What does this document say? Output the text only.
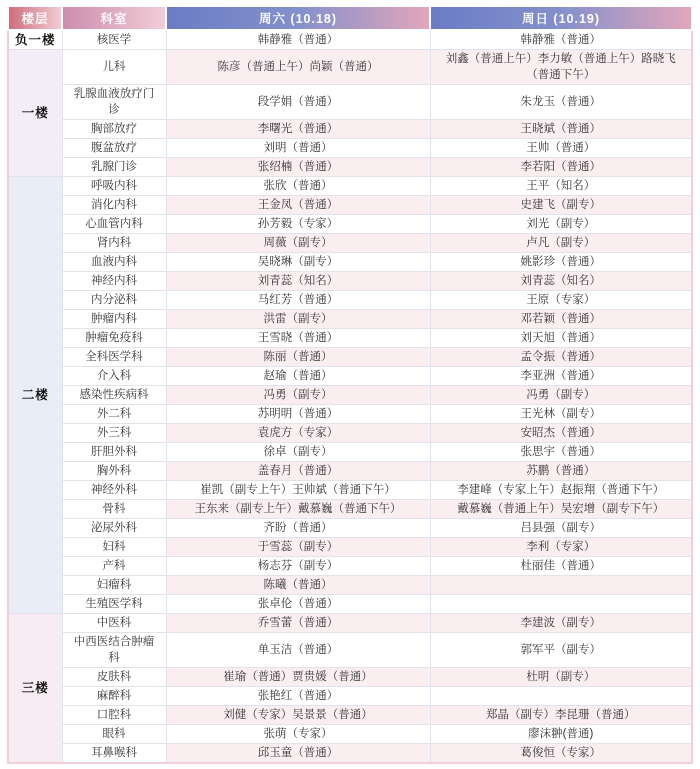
楼层	科室	周六 (10.18)	周日 (10.19)
负一楼	核医学	韩静雅（普通）	韩静雅（普通）
一楼	儿科	陈彦（普通上午）尚颖（普通）	刘鑫（普通上午）李力敏（普通上午）路晓飞（普通下午）
	乳腺血液放疗门诊	段学娟（普通）	朱龙玉（普通）
	胸部放疗	李曙光（普通）	王晓斌（普通）
	腹盆放疗	刘明（普通）	王帅（普通）
	乳腺门诊	张绍楠（普通）	李若阳（普通）
二楼	呼吸内科	张欣（普通）	王平（知名）
	消化内科	王金凤（普通）	史建飞（副专）
	心血管内科	孙芳毅（专家）	刘光（副专）
	肾内科	周薇（副专）	卢凡（副专）
	血液内科	吴晓琳（副专）	姚影珍（普通）
	神经内科	刘青蕊（知名）	刘青蕊（知名）
	内分泌科	马红芳（普通）	王原（专家）
	肿瘤内科	洪雷（副专）	邓若颖（普通）
	肿瘤免疫科	王雪晓（普通）	刘天旭（普通）
	全科医学科	陈丽（普通）	孟令振（普通）
	介入科	赵瑜（普通）	李亚洲（普通）
	感染性疾病科	冯勇（副专）	冯勇（副专）
	外二科	苏明明（普通）	王光林（副专）
	外三科	袁虎方（专家）	安昭杰（普通）
	肝胆外科	徐卓（副专）	张思宇（普通）
	胸外科	盖春月（普通）	苏鹏（普通）
	神经外科	崔凯（副专上午）王帅斌（普通下午）	李建峰（专家上午）赵振翔（普通下午）
	骨科	王东来（副专上午）戴慕巍（普通下午）	戴慕巍（普通上午）吴宏增（副专下午）
	泌尿外科	齐盼（普通）	吕县强（副专）
	妇科	于雪蕊（副专）	李利（专家）
	产科	杨志芬（副专）	杜丽佳（普通）
	妇瘤科	陈曦（普通）	
	生殖医学科	张卓伦（普通）	
三楼	中医科	乔雪蕾（普通）	李建波（副专）
	中西医结合肿瘤科	单玉洁（普通）	郭军平（副专）
	皮肤科	崔瑜（普通）贾贵媛（普通）	杜明（副专）
	麻醉科	张艳红（普通）	
	口腔科	刘健（专家）吴景景（普通）	郑晶（副专）李昆珊（普通）
	眼科	张萌（专家）	廖沫翀(普通)
	耳鼻喉科	邱玉童（普通）	葛俊恒（专家）
